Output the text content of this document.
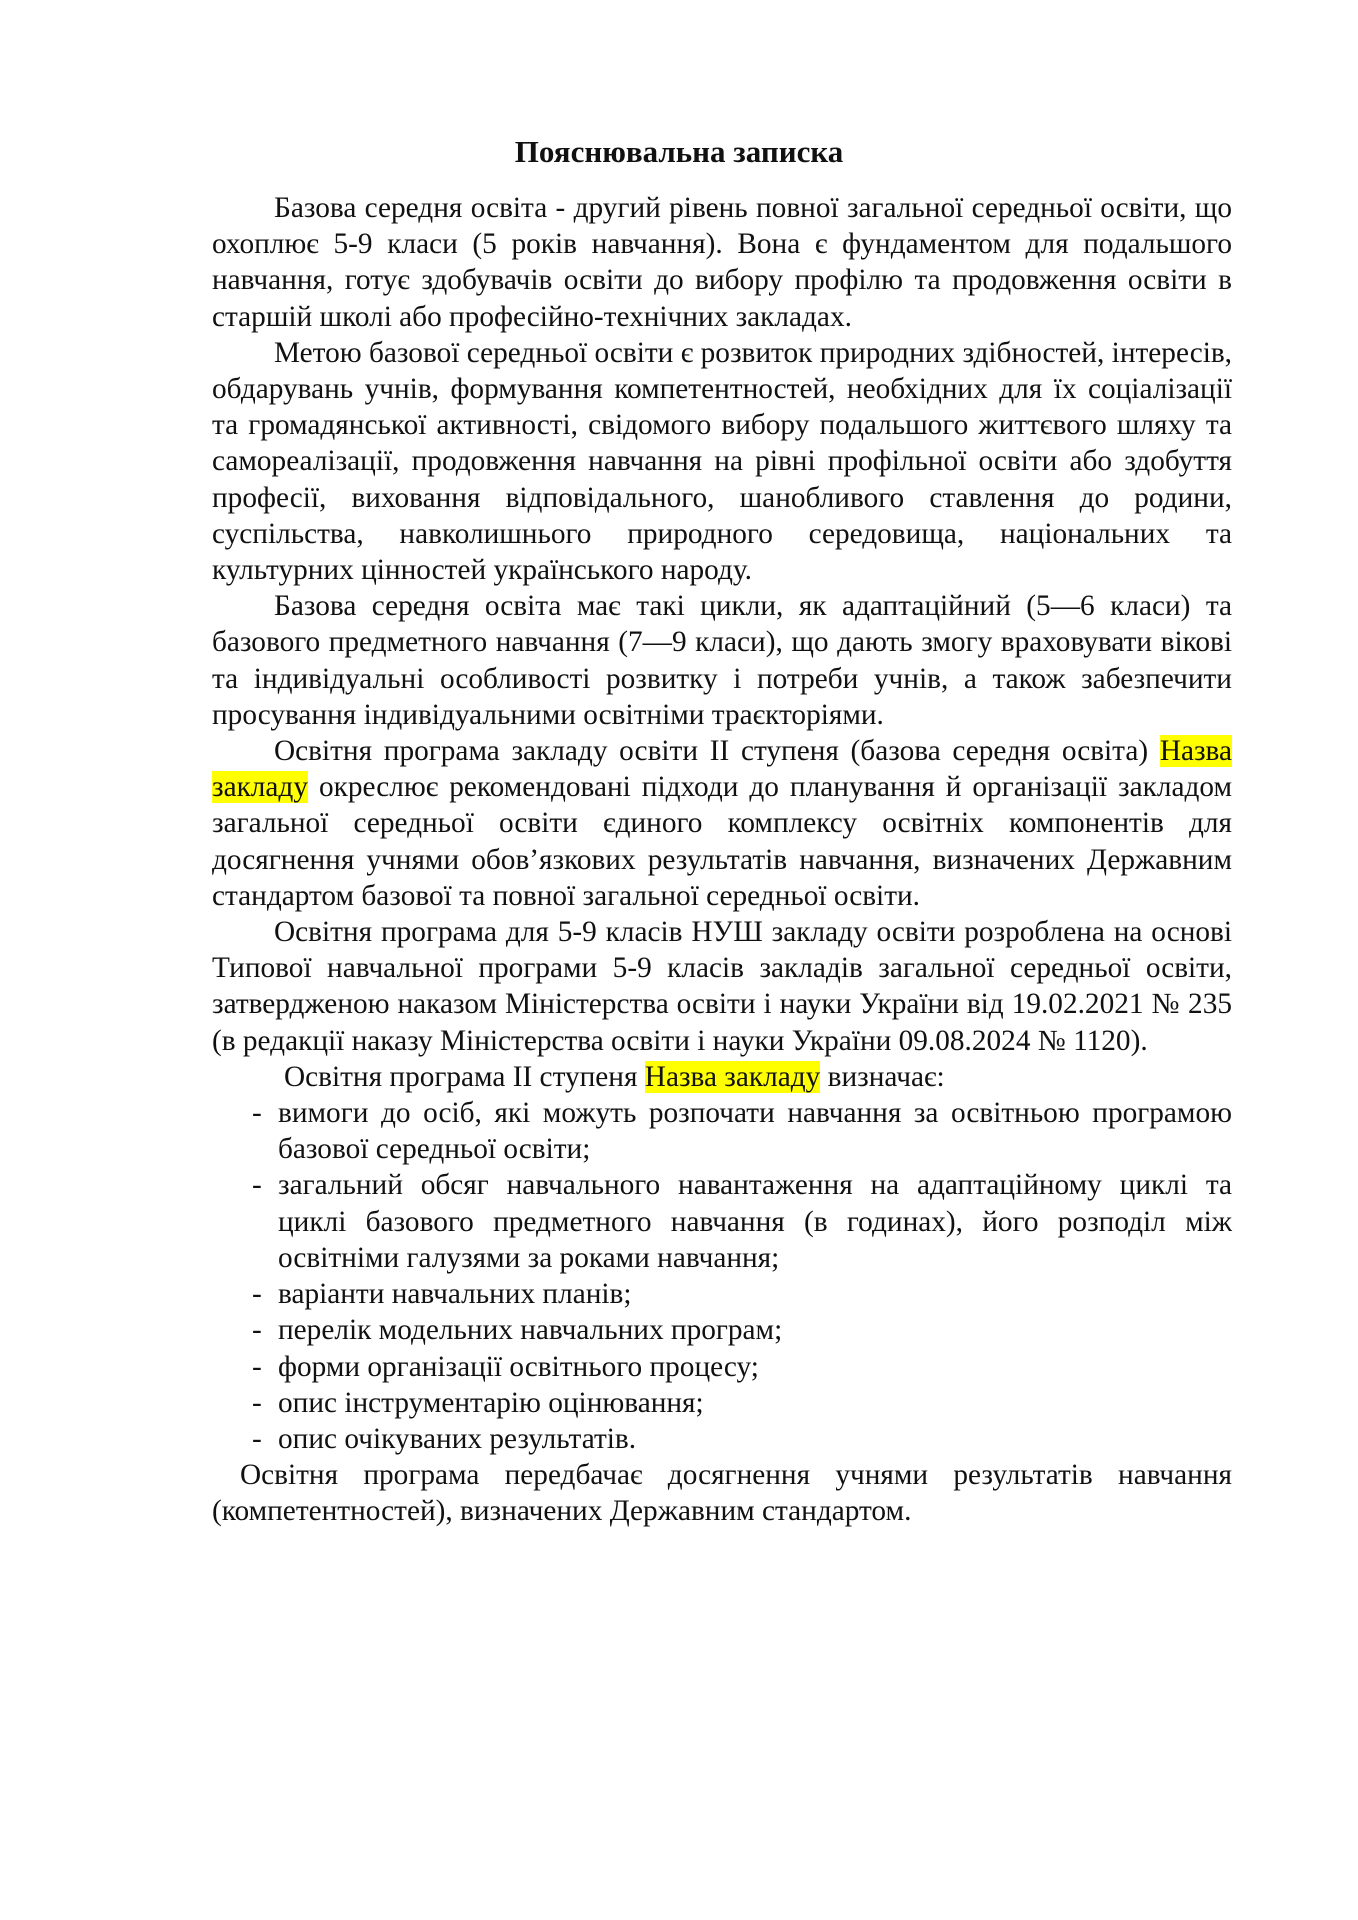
Пояснювальна записка

Базова середня освіта - другий рівень повної загальної середньої освіти, що охоплює 5-9 класи (5 років навчання). Вона є фундаментом для подальшого навчання, готує здобувачів освіти до вибору профілю та продовження освіти в старшій школі або професійно-технічних закладах.

Метою базової середньої освіти є розвиток природних здібностей, інтересів, обдарувань учнів, формування компетентностей, необхідних для їх соціалізації та громадянської активності, свідомого вибору подальшого життєвого шляху та самореалізації, продовження навчання на рівні профільної освіти або здобуття професії, виховання відповідального, шанобливого ставлення до родини, суспільства, навколишнього природного середовища, національних та культурних цінностей українського народу.

Базова середня освіта має такі цикли, як адаптаційний (5—6 класи) та базового предметного навчання (7—9 класи), що дають змогу враховувати вікові та індивідуальні особливості розвитку і потреби учнів, а також забезпечити просування індивідуальними освітніми траєкторіями.

Освітня програма закладу освіти ІІ ступеня (базова середня освіта) Назва закладу окреслює рекомендовані підходи до планування й організації закладом загальної середньої освіти єдиного комплексу освітніх компонентів для досягнення учнями обов’язкових результатів навчання, визначених Державним стандартом базової та повної загальної середньої освіти.

Освітня програма для 5-9 класів НУШ закладу освіти розроблена на основі Типової навчальної програми 5-9 класів закладів загальної середньої освіти, затвердженою наказом Міністерства освіти і науки України від 19.02.2021 № 235 (в редакції наказу Міністерства освіти і науки України 09.08.2024 № 1120).

Освітня програма ІІ ступеня Назва закладу визначає:

- вимоги до осіб, які можуть розпочати навчання за освітньою програмою базової середньої освіти;
- загальний обсяг навчального навантаження на адаптаційному циклі та циклі базового предметного навчання (в годинах), його розподіл між освітніми галузями за роками навчання;
- варіанти навчальних планів;
- перелік модельних навчальних програм;
- форми організації освітнього процесу;
- опис інструментарію оцінювання;
- опис очікуваних результатів.

Освітня програма передбачає досягнення учнями результатів навчання (компетентностей), визначених Державним стандартом.
